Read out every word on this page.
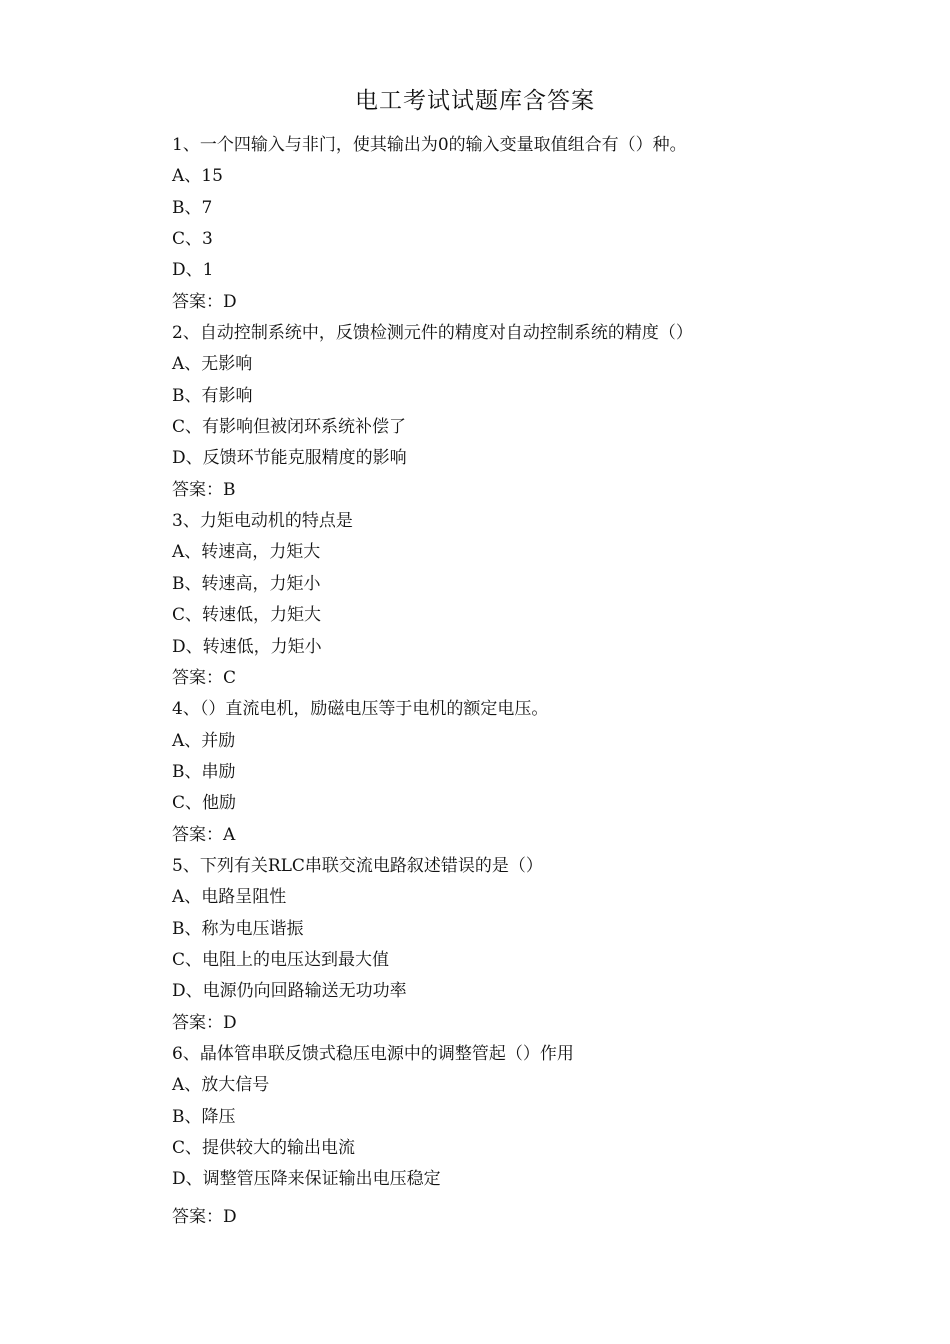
电工考试试题库含答案
1、一个四输入与非门，使其输出为0的输入变量取值组合有（）种。
A、15
B、7
C、3
D、1
答案：D
2、自动控制系统中，反馈检测元件的精度对自动控制系统的精度（）
A、无影响
B、有影响
C、有影响但被闭环系统补偿了
D、反馈环节能克服精度的影响
答案：B
3、力矩电动机的特点是
A、转速高，力矩大
B、转速高，力矩小
C、转速低，力矩大
D、转速低，力矩小
答案：C
4、（）直流电机，励磁电压等于电机的额定电压。
A、并励
B、串励
C、他励
答案：A
5、下列有关RLC串联交流电路叙述错误的是（）
A、电路呈阻性
B、称为电压谐振
C、电阻上的电压达到最大值
D、电源仍向回路输送无功功率
答案：D
6、晶体管串联反馈式稳压电源中的调整管起（）作用
A、放大信号
B、降压
C、提供较大的输出电流
D、调整管压降来保证输出电压稳定
答案：D
